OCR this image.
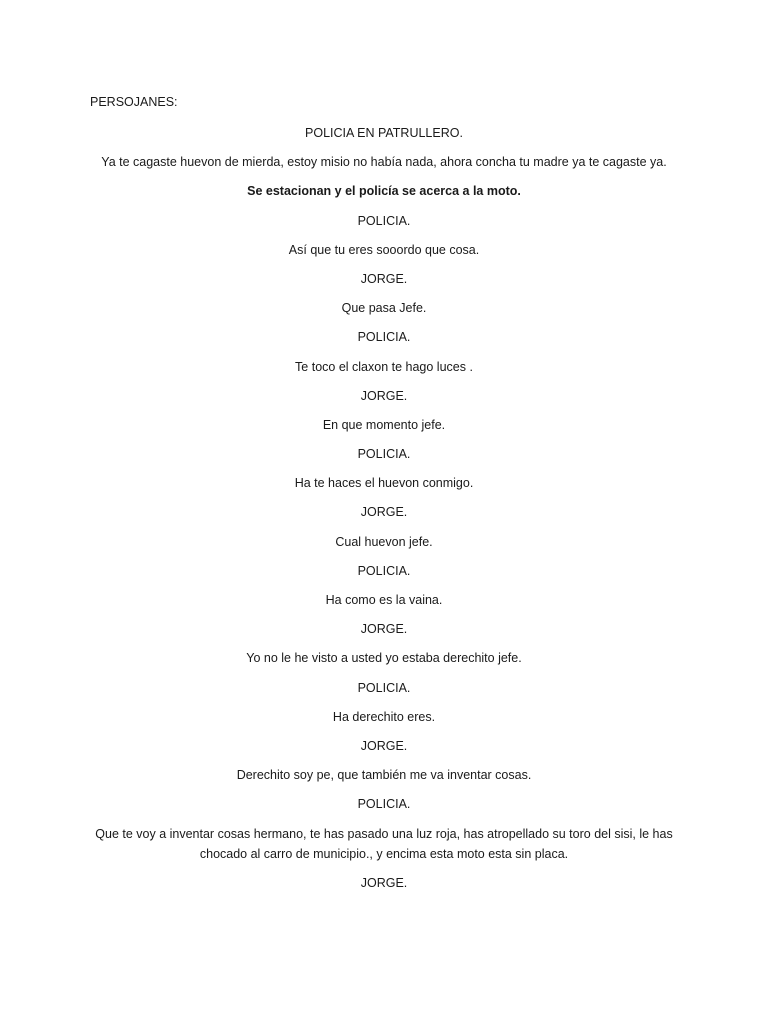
PERSOJANES:

POLICIA EN PATRULLERO.

Ya te cagaste huevon de mierda, estoy misio no había nada, ahora concha tu madre ya te cagaste ya.

Se estacionan y el policía se acerca a la moto.

POLICIA.

Así que tu eres sooordo que cosa.

JORGE.

Que pasa Jefe.

POLICIA.

Te toco el claxon te hago luces .

JORGE.

En que momento jefe.

POLICIA.

Ha te haces el huevon conmigo.

JORGE.

Cual huevon jefe.

POLICIA.

Ha como es la vaina.

JORGE.

Yo no le he visto a usted yo estaba derechito jefe.

POLICIA.

Ha derechito eres.

JORGE.

Derechito soy pe, que también me va inventar cosas.

POLICIA.

Que te voy a inventar cosas hermano, te has pasado una luz roja, has atropellado su toro del sisi, le has chocado al carro de municipio., y encima esta moto esta sin placa.

JORGE.
